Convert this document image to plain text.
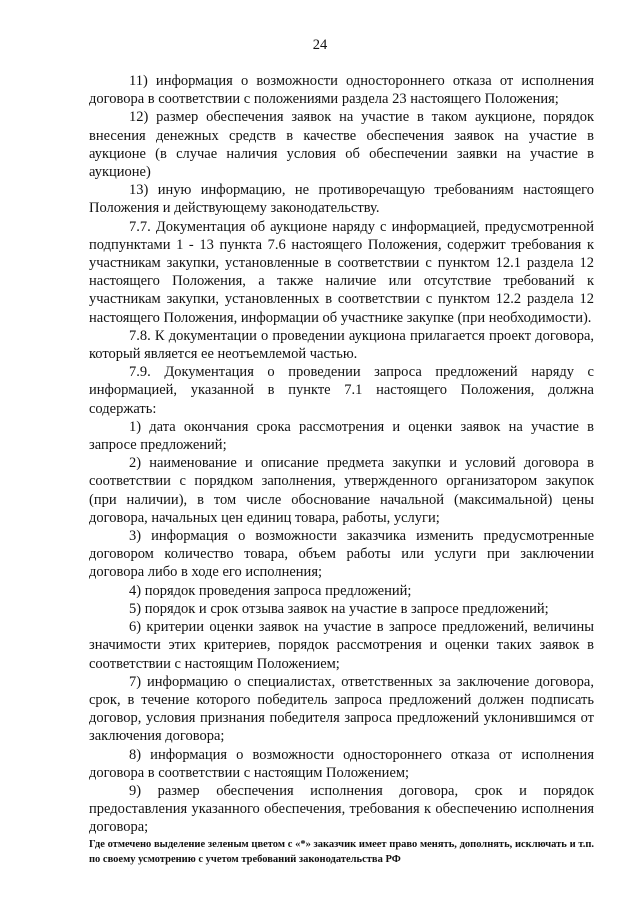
24

11) информация о возможности одностороннего отказа от исполнения договора в соответствии с положениями раздела 23 настоящего Положения;

12) размер обеспечения заявок на участие в таком аукционе, порядок внесения денежных средств в качестве обеспечения заявок на участие в аукционе (в случае наличия условия об обеспечении заявки на участие в аукционе)

13) иную информацию, не противоречащую требованиям настоящего Положения и действующему законодательству.

7.7. Документация об аукционе наряду с информацией, предусмотренной подпунктами 1 - 13 пункта 7.6 настоящего Положения, содержит требования к участникам закупки, установленные в соответствии с пунктом 12.1 раздела 12 настоящего Положения, а также наличие или отсутствие требований к участникам закупки, установленных в соответствии с пунктом 12.2 раздела 12 настоящего Положения, информации об участнике закупке (при необходимости).

7.8. К документации о проведении аукциона прилагается проект договора, который является ее неотъемлемой частью.

7.9. Документация о проведении запроса предложений наряду с информацией, указанной в пункте 7.1 настоящего Положения, должна содержать:

1) дата окончания срока рассмотрения и оценки заявок на участие в запросе предложений;

2) наименование и описание предмета закупки и условий договора в соответствии с порядком заполнения, утвержденного организатором закупок (при наличии), в том числе обоснование начальной (максимальной) цены договора, начальных цен единиц товара, работы, услуги;

3) информация о возможности заказчика изменить предусмотренные договором количество товара, объем работы или услуги при заключении договора либо в ходе его исполнения;

4) порядок проведения запроса предложений;

5) порядок и срок отзыва заявок на участие в запросе предложений;

6) критерии оценки заявок на участие в запросе предложений, величины значимости этих критериев, порядок рассмотрения и оценки таких заявок в соответствии с настоящим Положением;

7) информацию о специалистах, ответственных за заключение договора, срок, в течение которого победитель запроса предложений должен подписать договор, условия признания победителя запроса предложений уклонившимся от заключения договора;

8) информация о возможности одностороннего отказа от исполнения договора в соответствии с настоящим Положением;

9) размер обеспечения исполнения договора, срок и порядок предоставления указанного обеспечения, требования к обеспечению исполнения договора;

Где отмечено выделение зеленым цветом с «*» заказчик имеет право менять, дополнять, исключать и т.п. по своему усмотрению с учетом требований законодательства РФ
